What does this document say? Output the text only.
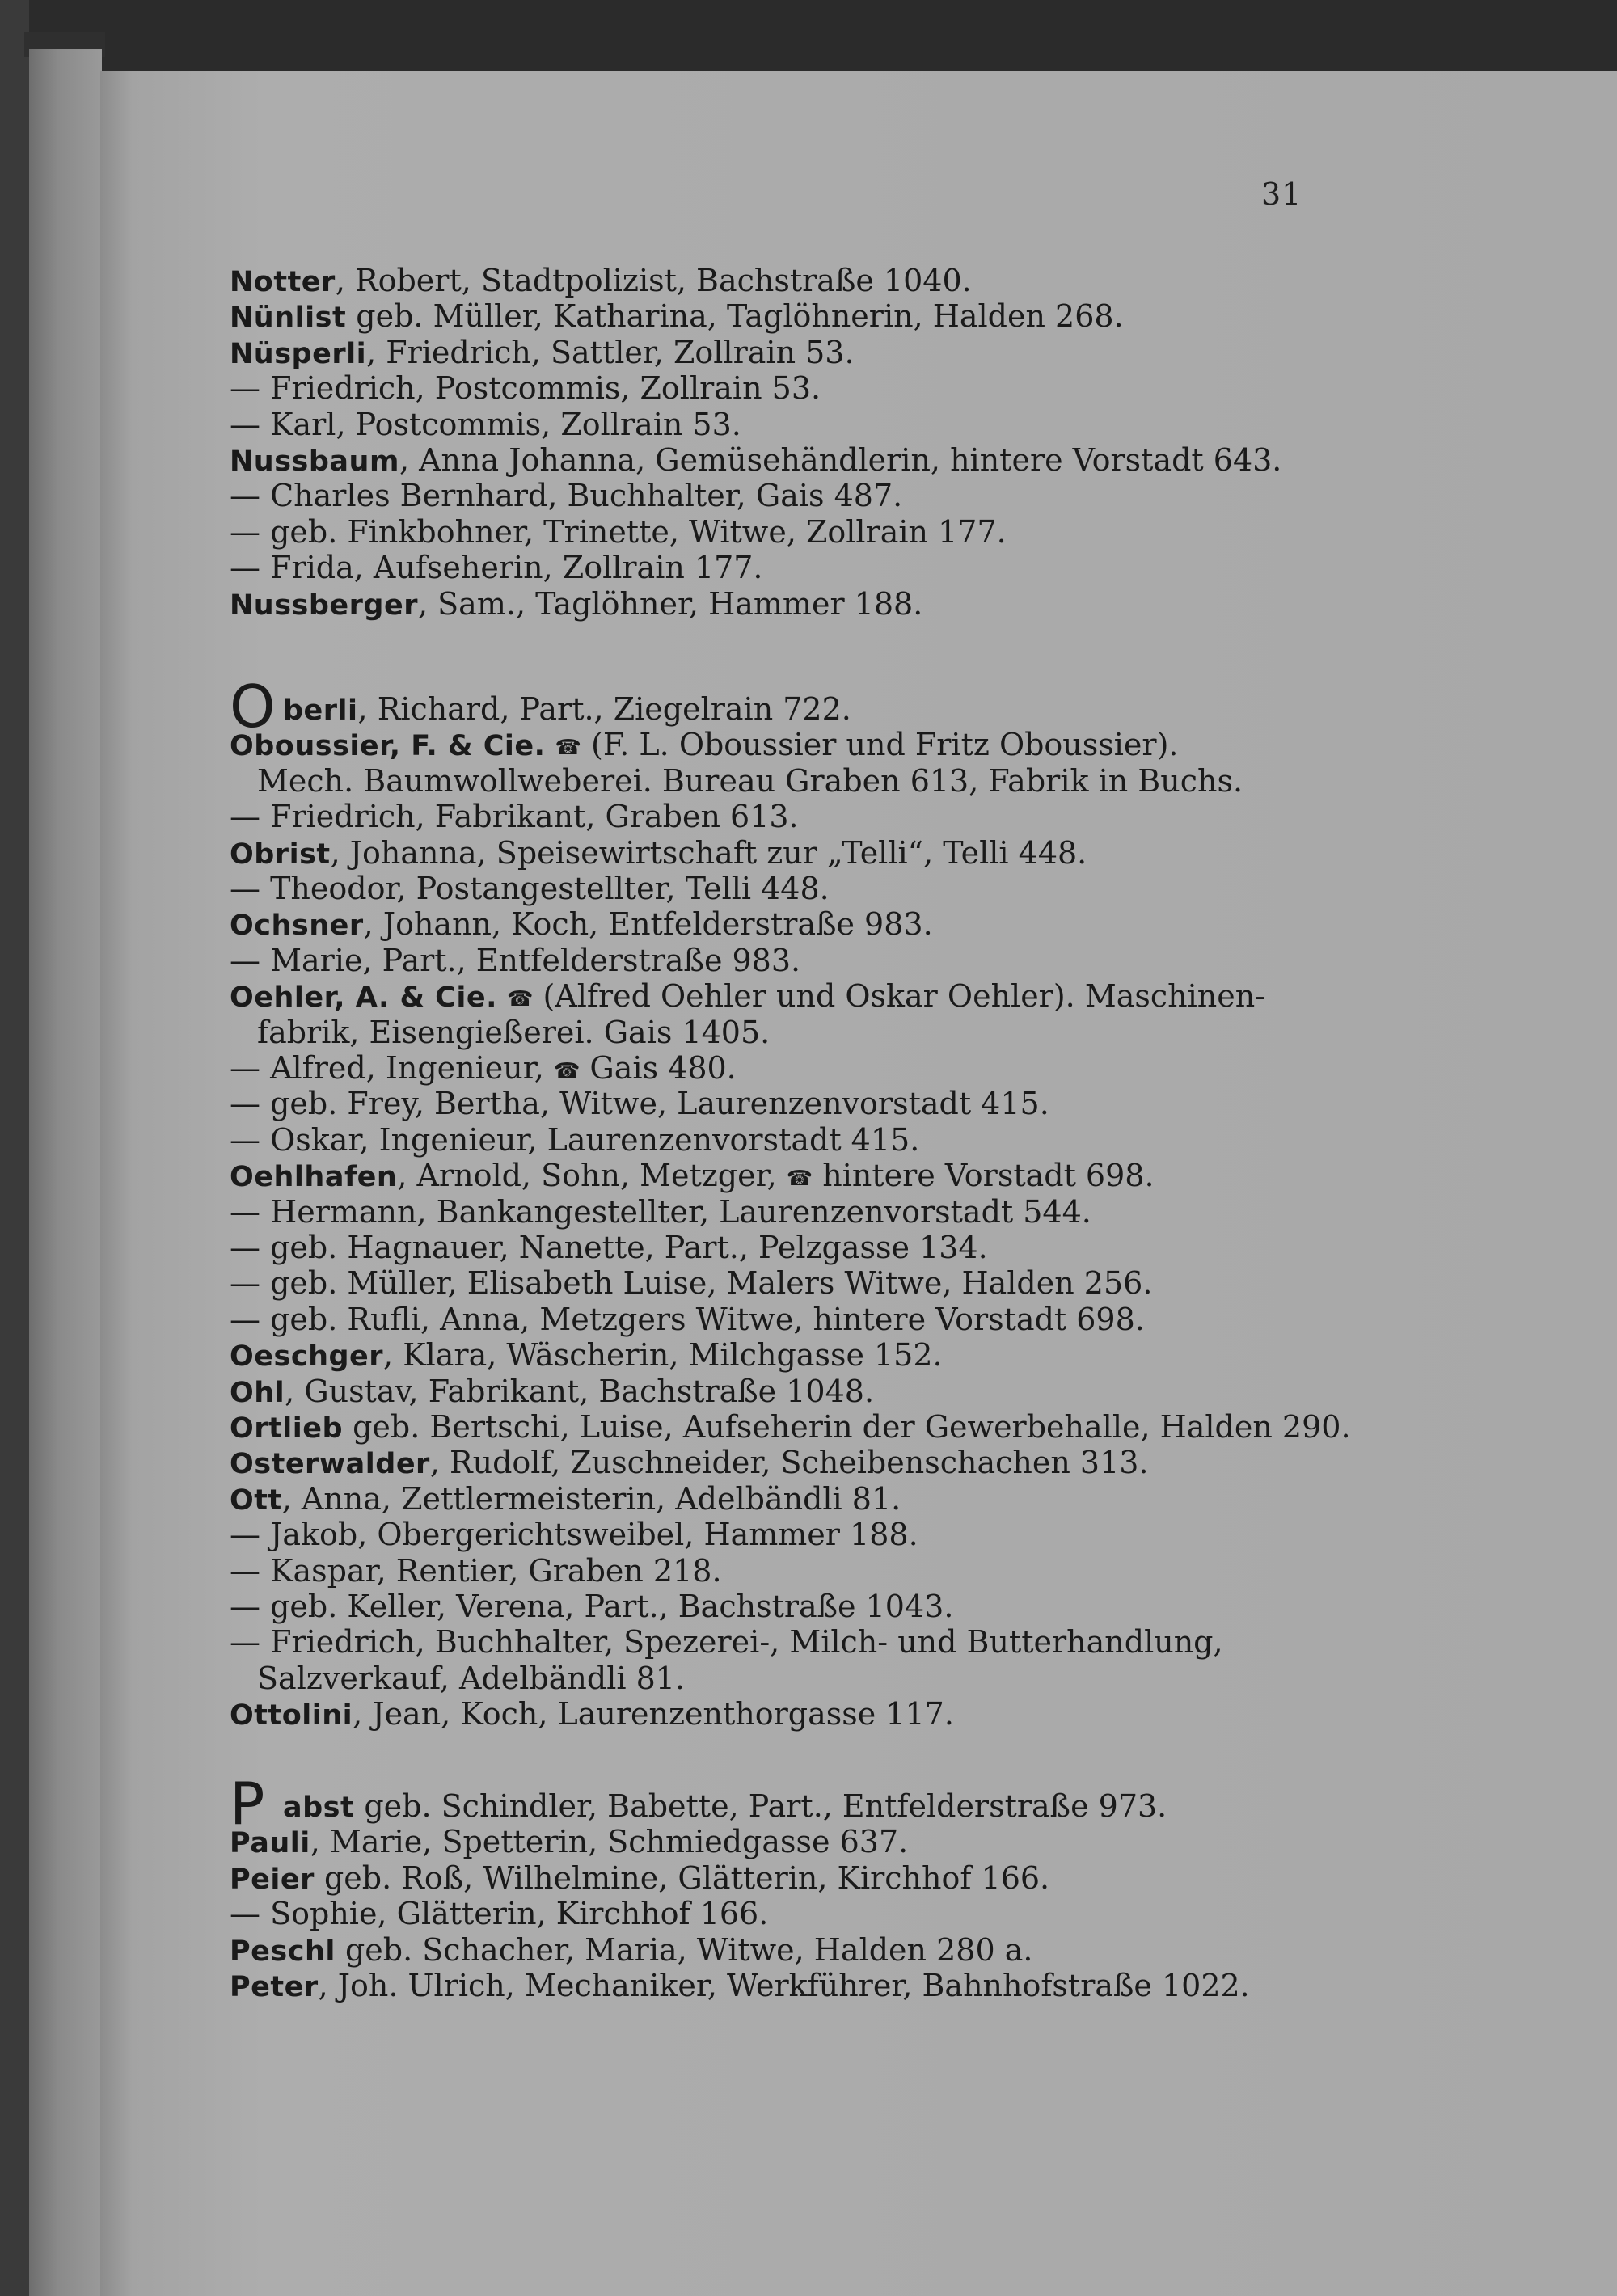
31
Notter, Robert, Stadtpolizist, Bachstraße 1040.
Nünlist geb. Müller, Katharina, Taglöhnerin, Halden 268.
Nüsperli, Friedrich, Sattler, Zollrain 53.
— Friedrich, Postcommis, Zollrain 53.
— Karl, Postcommis, Zollrain 53.
Nussbaum, Anna Johanna, Gemüsehändlerin, hintere Vorstadt 643.
— Charles Bernhard, Buchhalter, Gais 487.
— geb. Finkbohner, Trinette, Witwe, Zollrain 177.
— Frida, Aufseherin, Zollrain 177.
Nussberger, Sam., Taglöhner, Hammer 188.
O berli, Richard, Part., Ziegelrain 722.
Oboussier, F. & Cie. ☎ (F. L. Oboussier und Fritz Oboussier).
Mech. Baumwollweberei. Bureau Graben 613, Fabrik in Buchs.
— Friedrich, Fabrikant, Graben 613.
Obrist, Johanna, Speisewirtschaft zur „Telli“, Telli 448.
— Theodor, Postangestellter, Telli 448.
Ochsner, Johann, Koch, Entfelderstraße 983.
— Marie, Part., Entfelderstraße 983.
Oehler, A. & Cie. ☎ (Alfred Oehler und Oskar Oehler). Maschinen-
fabrik, Eisengießerei. Gais 1405.
— Alfred, Ingenieur, ☎ Gais 480.
— geb. Frey, Bertha, Witwe, Laurenzenvorstadt 415.
— Oskar, Ingenieur, Laurenzenvorstadt 415.
Oehlhafen, Arnold, Sohn, Metzger, ☎ hintere Vorstadt 698.
— Hermann, Bankangestellter, Laurenzenvorstadt 544.
— geb. Hagnauer, Nanette, Part., Pelzgasse 134.
— geb. Müller, Elisabeth Luise, Malers Witwe, Halden 256.
— geb. Rufli, Anna, Metzgers Witwe, hintere Vorstadt 698.
Oeschger, Klara, Wäscherin, Milchgasse 152.
Ohl, Gustav, Fabrikant, Bachstraße 1048.
Ortlieb geb. Bertschi, Luise, Aufseherin der Gewerbehalle, Halden 290.
Osterwalder, Rudolf, Zuschneider, Scheibenschachen 313.
Ott, Anna, Zettlermeisterin, Adelbändli 81.
— Jakob, Obergerichtsweibel, Hammer 188.
— Kaspar, Rentier, Graben 218.
— geb. Keller, Verena, Part., Bachstraße 1043.
— Friedrich, Buchhalter, Spezerei-, Milch- und Butterhandlung,
Salzverkauf, Adelbändli 81.
Ottolini, Jean, Koch, Laurenzenthorgasse 117.
P abst geb. Schindler, Babette, Part., Entfelderstraße 973.
Pauli, Marie, Spetterin, Schmiedgasse 637.
Peier geb. Roß, Wilhelmine, Glätterin, Kirchhof 166.
— Sophie, Glätterin, Kirchhof 166.
Peschl geb. Schacher, Maria, Witwe, Halden 280 a.
Peter, Joh. Ulrich, Mechaniker, Werkführer, Bahnhofstraße 1022.
